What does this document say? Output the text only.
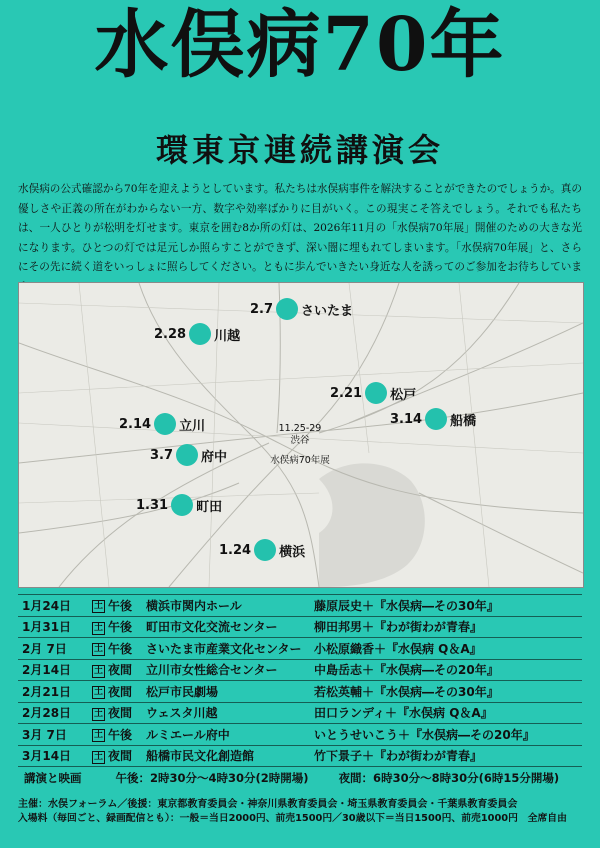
水俣病70年
環東京連続講演会
水俣病の公式確認から70年を迎えようとしています。私たちは水俣病事件を解決することができたのでしょうか。真の優しさや正義の所在がわからない一方、数字や効率ばかりに目がいく。この現実こそ答えでしょう。それでも私たちは、一人ひとりが松明を灯せます。東京を囲む8か所の灯は、2026年11月の「水俣病70年展」開催のための大きな光になります。ひとつの灯では足元しか照らすことができず、深い闇に埋もれてしまいます。「水俣病70年展」と、さらにその先に続く道をいっしょに照らしてください。ともに歩んでいきたい身近な人を誘ってのご参加をお待ちしていま
2.7 さいたま
2.28 川越
2.21 松戸
3.14 船橋
2.14 立川
3.7 府中
1.31 町田
1.24 横浜
11.25-29
渋谷
水俣病70年展
1月24日	土 午後	横浜市関内ホール	藤原辰史＋『水俣病―その30年』
1月31日	土 午後	町田市文化交流センター	柳田邦男＋『わが街わが青春』
2月 7日	土 午後	さいたま市産業文化センター	小松原織香＋『水俣病 Q＆A』
2月14日	土 夜間	立川市女性総合センター	中島岳志＋『水俣病―その20年』
2月21日	土 夜間	松戸市民劇場	若松英輔＋『水俣病―その30年』
2月28日	土 夜間	ウェスタ川越	田口ランディ＋『水俣病 Q＆A』
3月 7日	土 午後	ルミエール府中	いとうせいこう＋『水俣病―その20年』
3月14日	土 夜間	船橋市民文化創造館	竹下景子＋『わが街わが青春』
講演と映画	午後：2時30分～4時30分(2時開場)	夜間：6時30分～8時30分(6時15分開場)
主催：水俣フォーラム／後援：東京都教育委員会・神奈川県教育委員会・埼玉県教育委員会・千葉県教育委員会
入場料（毎回ごと、録画配信とも）：一般＝当日2000円、前売1500円／30歳以下＝当日1500円、前売1000円　全席自由
